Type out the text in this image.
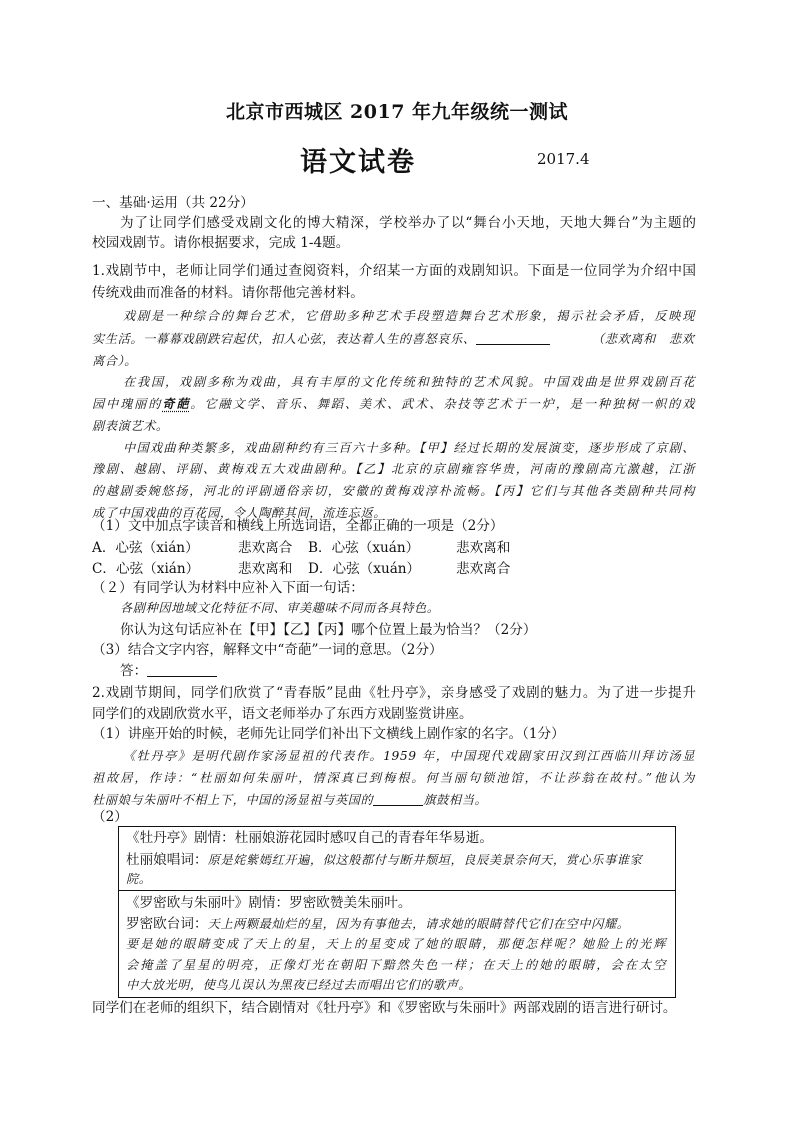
北京市西城区 2017 年九年级统一测试
语文试卷	2017.4
一、基础·运用（共 22分）
为了让同学们感受戏剧文化的博大精深，学校举办了以“舞台小天地，天地大舞台”为主题的
校园戏剧节。请你根据要求，完成 1-4题。
1.戏剧节中，老师让同学们通过查阅资料，介绍某一方面的戏剧知识。下面是一位同学为介绍中国
传统戏曲而准备的材料。请你帮他完善材料。
戏剧是一种综合的舞台艺术，它借助多种艺术手段塑造舞台艺术形象，揭示社会矛盾，反映现
实生活。一幕幕戏剧跌宕起伏，扣人心弦，表达着人生的喜怒哀乐、	（悲欢离和 悲欢
离合）。
在我国，戏剧多称为戏曲，具有丰厚的文化传统和独特的艺术风貌。中国戏曲是世界戏剧百花
园中瑰丽的奇葩。它融文学、音乐、舞蹈、美术、武术、杂技等艺术于一炉，是一种独树一帜的戏
剧表演艺术。
中国戏曲种类繁多，戏曲剧种约有三百六十多种。【甲】经过长期的发展演变，逐步形成了京剧、
豫剧、越剧、评剧、黄梅戏五大戏曲剧种。【乙】北京的京剧雍容华贵，河南的豫剧高亢激越，江浙
的越剧委婉悠扬，河北的评剧通俗亲切，安徽的黄梅戏淳朴流畅。【丙】它们与其他各类剧种共同构
成了中国戏曲的百花园，令人陶醉其间，流连忘返。
（1）文中加点字读音和横线上所选词语，全都正确的一项是（2分）
A．心弦（xián）	悲欢离合 B．心弦（xuán）	悲欢离和
C．心弦（xián）	悲欢离和 D．心弦（xuán）	悲欢离合
（２）有同学认为材料中应补入下面一句话：
各剧种因地域文化特征不同、审美趣味不同而各具特色。
你认为这句话应补在【甲】【乙】【丙】哪个位置上最为恰当？（2分）
（3）结合文字内容，解释文中“奇葩”一词的意思。（2分）
答：
2.戏剧节期间，同学们欣赏了“青春版”昆曲《牡丹亭》，亲身感受了戏剧的魅力。为了进一步提升
同学们的戏剧欣赏水平，语文老师举办了东西方戏剧鉴赏讲座。
（1）讲座开始的时候，老师先让同学们补出下文横线上剧作家的名字。（1分）
《牡丹亭》是明代剧作家汤显祖的代表作。1959 年，中国现代戏剧家田汉到江西临川拜访汤显
祖故居，作诗：“杜丽如何朱丽叶，情深真已到梅根。何当丽句锁池馆，不让莎翁在故村。”他认为
杜丽娘与朱丽叶不相上下，中国的汤显祖与英国的	旗鼓相当。
（2）
《牡丹亭》剧情：杜丽娘游花园时感叹自己的青春年华易逝。
杜丽娘唱词：原是姹紫嫣红开遍，似这般都付与断井颓垣，良辰美景奈何天，赏心乐事谁家
院。
《罗密欧与朱丽叶》剧情：罗密欧赞美朱丽叶。
罗密欧台词：天上两颗最灿烂的星，因为有事他去，请求她的眼睛替代它们在空中闪耀。
要是她的眼睛变成了天上的星，天上的星变成了她的眼睛，那便怎样呢？她脸上的光辉
会掩盖了星星的明亮，正像灯光在朝阳下黯然失色一样；在天上的她的眼睛，会在太空
中大放光明，使鸟儿误认为黑夜已经过去而唱出它们的歌声。
同学们在老师的组织下，结合剧情对《牡丹亭》和《罗密欧与朱丽叶》两部戏剧的语言进行研讨。
